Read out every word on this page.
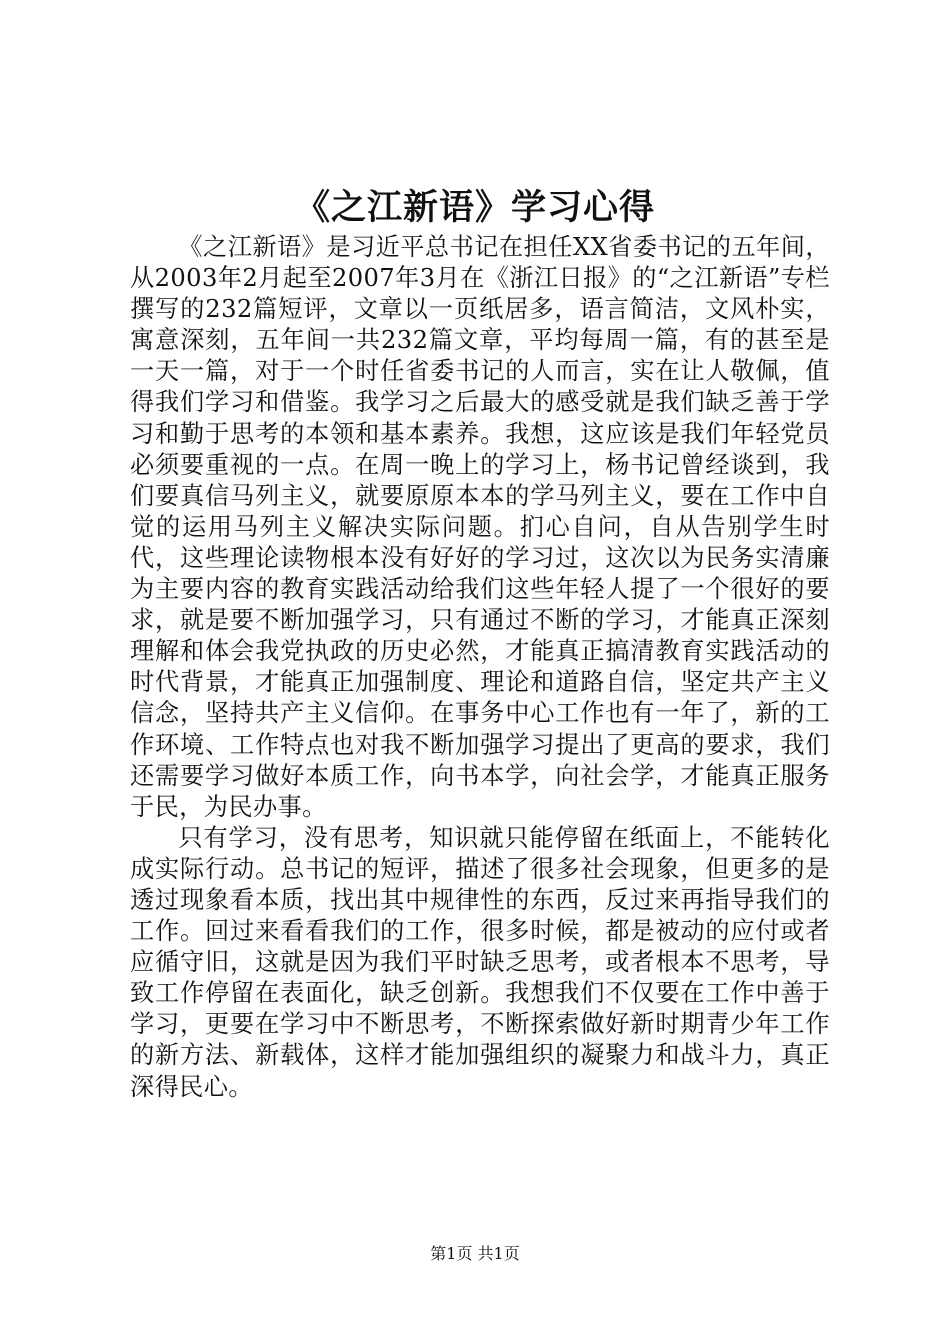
《之江新语》学习心得

《之江新语》是习近平总书记在担任XX省委书记的五年间，从2003年2月起至2007年3月在《浙江日报》的“之江新语”专栏撰写的232篇短评，文章以一页纸居多，语言简洁，文风朴实，寓意深刻，五年间一共232篇文章，平均每周一篇，有的甚至是一天一篇，对于一个时任省委书记的人而言，实在让人敬佩，值得我们学习和借鉴。我学习之后最大的感受就是我们缺乏善于学习和勤于思考的本领和基本素养。我想，这应该是我们年轻党员必须要重视的一点。在周一晚上的学习上，杨书记曾经谈到，我们要真信马列主义，就要原原本本的学马列主义，要在工作中自觉的运用马列主义解决实际问题。扪心自问，自从告别学生时代，这些理论读物根本没有好好的学习过，这次以为民务实清廉为主要内容的教育实践活动给我们这些年轻人提了一个很好的要求，就是要不断加强学习，只有通过不断的学习，才能真正深刻理解和体会我党执政的历史必然，才能真正搞清教育实践活动的时代背景，才能真正加强制度、理论和道路自信，坚定共产主义信念，坚持共产主义信仰。在事务中心工作也有一年了，新的工作环境、工作特点也对我不断加强学习提出了更高的要求，我们还需要学习做好本质工作，向书本学，向社会学，才能真正服务于民，为民办事。

只有学习，没有思考，知识就只能停留在纸面上，不能转化成实际行动。总书记的短评，描述了很多社会现象，但更多的是透过现象看本质，找出其中规律性的东西，反过来再指导我们的工作。回过来看看我们的工作，很多时候，都是被动的应付或者应循守旧，这就是因为我们平时缺乏思考，或者根本不思考，导致工作停留在表面化，缺乏创新。我想我们不仅要在工作中善于学习，更要在学习中不断思考，不断探索做好新时期青少年工作的新方法、新载体，这样才能加强组织的凝聚力和战斗力，真正深得民心。

第1页 共1页
